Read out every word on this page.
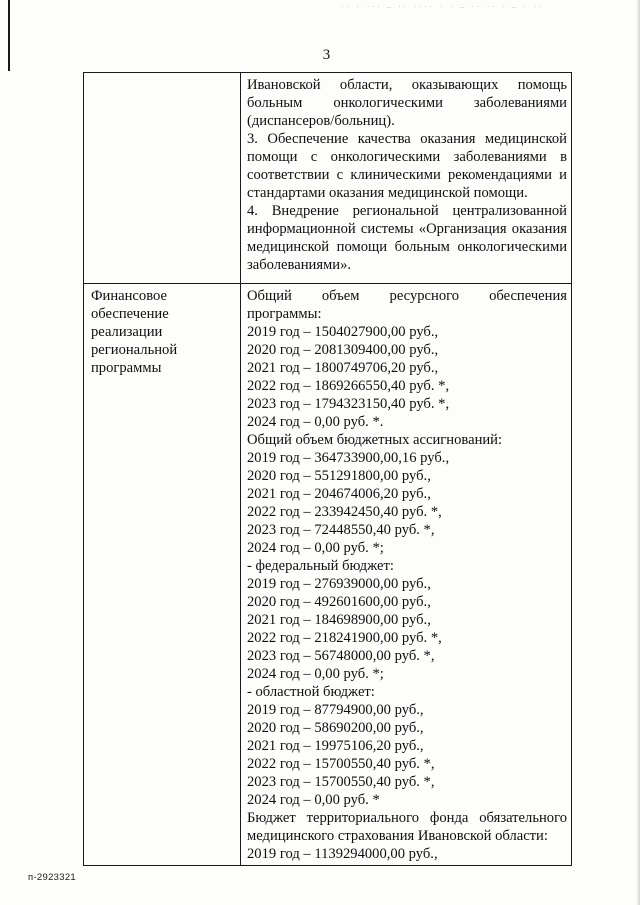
·· · ··· – ·· ···· · · — ·· ·· · — · ··
3
Ивановской области, оказывающих помощь
больным онкологическими заболеваниями
(диспансеров/больниц).
3. Обеспечение качества оказания медицинской
помощи с онкологическими заболеваниями в
соответствии с клиническими рекомендациями и
стандартами оказания медицинской помощи.
4. Внедрение региональной централизованной
информационной системы «Организация оказания
медицинской помощи больным онкологическими
заболеваниями».
Финансовое обеспечение реализации региональной программы
Общий объем ресурсного обеспечения
программы:
2019 год – 1504027900,00 руб.,
2020 год – 2081309400,00 руб.,
2021 год – 1800749706,20 руб.,
2022 год – 1869266550,40 руб. *,
2023 год – 1794323150,40 руб. *,
2024 год – 0,00 руб. *.
Общий объем бюджетных ассигнований:
2019 год – 364733900,00,16 руб.,
2020 год – 551291800,00 руб.,
2021 год – 204674006,20 руб.,
2022 год – 233942450,40 руб. *,
2023 год – 72448550,40 руб. *,
2024 год – 0,00 руб. *;
- федеральный бюджет:
2019 год – 276939000,00 руб.,
2020 год – 492601600,00 руб.,
2021 год – 184698900,00 руб.,
2022 год – 218241900,00 руб. *,
2023 год – 56748000,00 руб. *,
2024 год – 0,00 руб. *;
- областной бюджет:
2019 год – 87794900,00 руб.,
2020 год – 58690200,00 руб.,
2021 год – 19975106,20 руб.,
2022 год – 15700550,40 руб. *,
2023 год – 15700550,40 руб. *,
2024 год – 0,00 руб. *
Бюджет территориального фонда обязательного
медицинского страхования Ивановской области:
2019 год – 1139294000,00 руб.,
п-2923321
